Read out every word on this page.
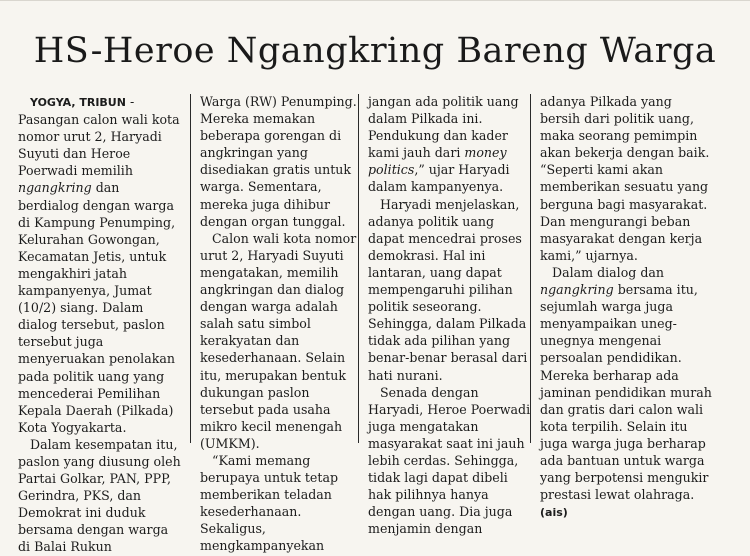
HS-Heroe Ngangkring Bareng Warga

YOGYA, TRIBUN - Pasangan calon wali kota nomor urut 2, Haryadi Suyuti dan Heroe Poerwadi memilih ngangkring dan berdialog dengan warga di Kampung Penumping, Kelurahan Gowongan, Kecamatan Jetis, untuk mengakhiri jatah kampanyenya, Jumat (10/2) siang. Dalam dialog tersebut, paslon tersebut juga menyeruakan penolakan pada politik uang yang mencederai Pemilihan Kepala Daerah (Pilkada) Kota Yogyakarta.

Dalam kesempatan itu, paslon yang diusung oleh Partai Golkar, PAN, PPP, Gerindra, PKS, dan Demokrat ini duduk bersama dengan warga di Balai Rukun

Warga (RW) Penumping. Mereka memakan beberapa gorengan di angkringan yang disediakan gratis untuk warga. Sementara, mereka juga dihibur dengan organ tunggal.

Calon wali kota nomor urut 2, Haryadi Suyuti mengatakan, memilih angkringan dan dialog dengan warga adalah salah satu simbol kerakyatan dan kesederhanaan. Selain itu, merupakan bentuk dukungan paslon tersebut pada usaha mikro kecil menengah (UMKM).

“Kami memang berupaya untuk tetap memberikan teladan kesederhanaan. Sekaligus, mengkampanyekan

jangan ada politik uang dalam Pilkada ini. Pendukung dan kader kami jauh dari money politics,” ujar Haryadi dalam kampanyenya.

Haryadi menjelaskan, adanya politik uang dapat mencedrai proses demokrasi. Hal ini lantaran, uang dapat mempengaruhi pilihan politik seseorang. Sehingga, dalam Pilkada tidak ada pilihan yang benar-benar berasal dari hati nurani.

Senada dengan Haryadi, Heroe Poerwadi juga mengatakan masyarakat saat ini jauh lebih cerdas. Sehingga, tidak lagi dapat dibeli hak pilihnya hanya dengan uang. Dia juga menjamin dengan

adanya Pilkada yang bersih dari politik uang, maka seorang pemimpin akan bekerja dengan baik. “Seperti kami akan memberikan sesuatu yang berguna bagi masyarakat. Dan mengurangi beban masyarakat dengan kerja kami,” ujarnya.

Dalam dialog dan ngangkring bersama itu, sejumlah warga juga menyampaikan uneg-unegnya mengenai persoalan pendidikan. Mereka berharap ada jaminan pendidikan murah dan gratis dari calon wali kota terpilih. Selain itu juga warga juga berharap ada bantuan untuk warga yang berpotensi mengukir prestasi lewat olahraga. (ais)
